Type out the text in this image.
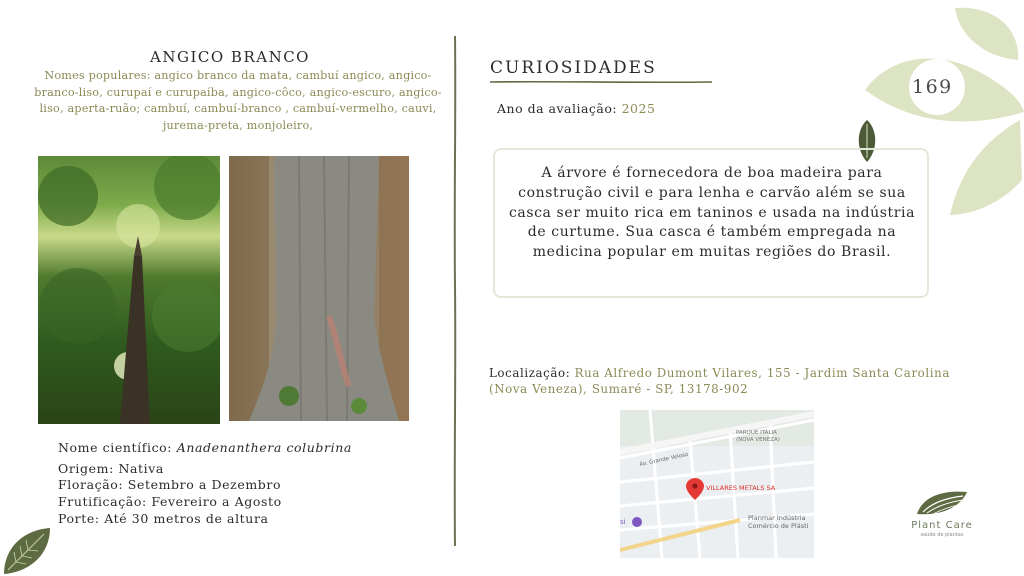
169
ANGICO BRANCO
Nomes populares: angico branco da mata, cambuí angico, angico-branco-liso, curupaí e curupaíba, angico-côco, angico-escuro, angico-liso, aperta-ruão; cambuí, cambuí-branco , cambuí-vermelho, cauvi, jurema-preta, monjoleiro,
Nome científico: Anadenanthera colubrina
Origem: Nativa
Floração: Setembro a Dezembro
Frutificação: Fevereiro a Agosto
Porte: Até 30 metros de altura
CURIOSIDADES
Ano da avaliação: 2025
A árvore é fornecedora de boa madeira para construção civil e para lenha e carvão além se sua casca ser muito rica em taninos e usada na indústria de curtume. Sua casca é também empregada na medicina popular em muitas regiões do Brasil.
Localização: Rua Alfredo Dumont Vilares, 155 - Jardim Santa Carolina (Nova Veneza), Sumaré - SP, 13178-902
Av. Grande Veloso
PARQUE ITÁLIA
(NOVA VENEZA)
VILLARES METALS SA
Planmar Indústria
Comércio de Plásti
si	Plant Care
saúde de plantas
